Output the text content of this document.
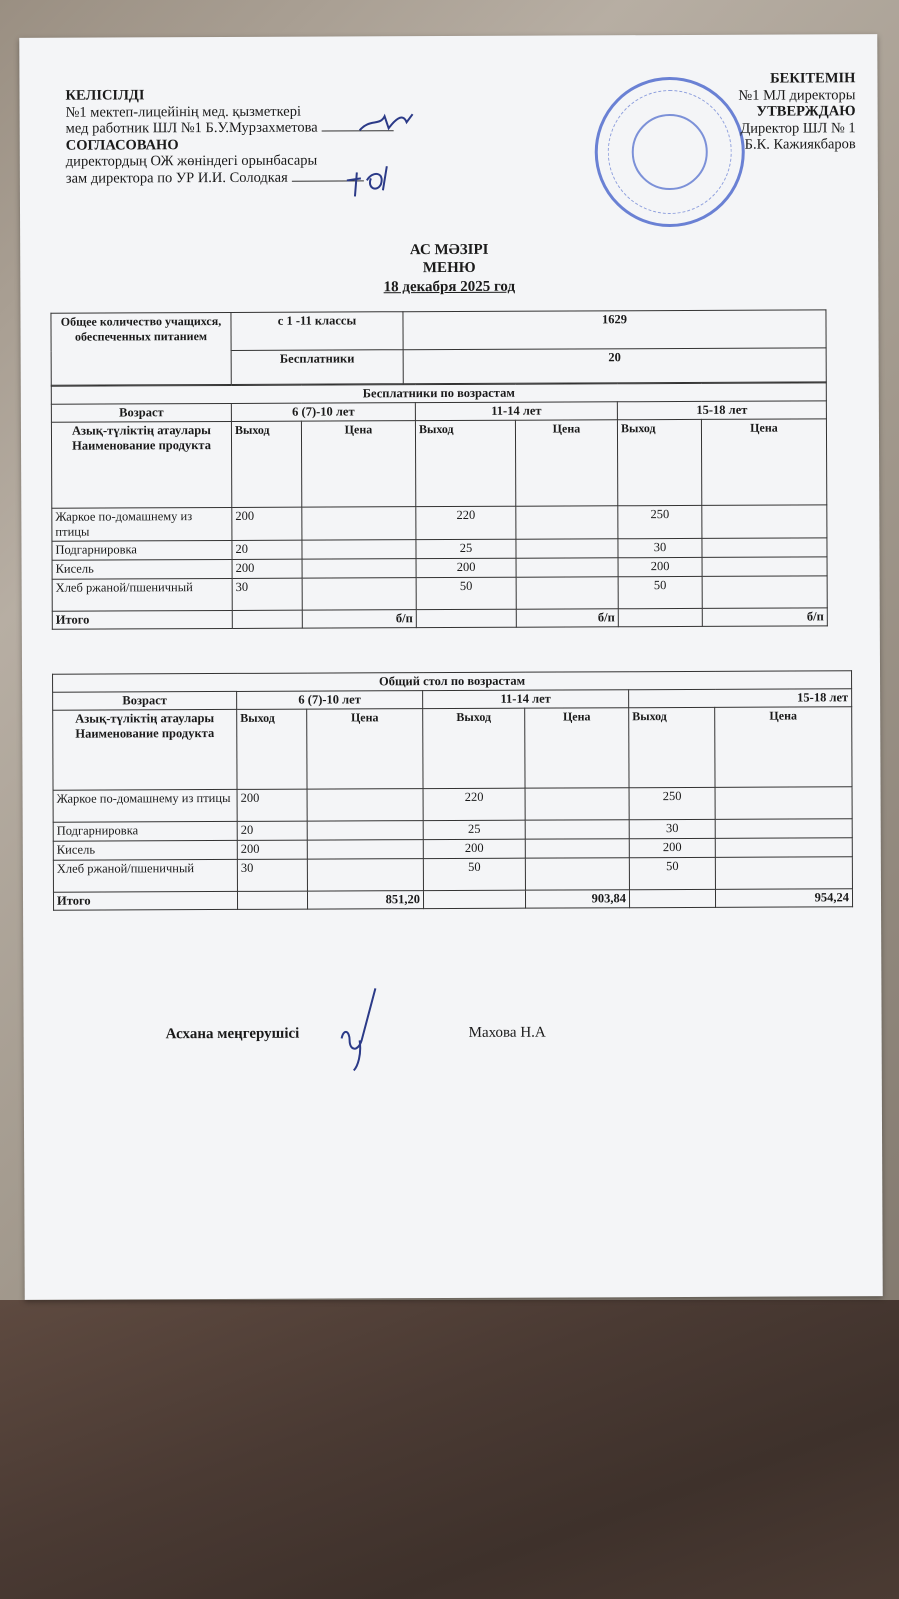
КЕЛІСІЛДІ
№1 мектеп-лицейінің мед. қызметкері
мед работник ШЛ №1 Б.У.Мурзахметова
СОГЛАСОВАНО
директордың ОЖ жөніндегі орынбасары
зам директора по УР И.И. Солодкая
БЕКІТЕМІН
№1 МЛ директоры
УТВЕРЖДАЮ
Директор ШЛ № 1
Б.К. Кажиякбаров
АС МӘЗІРІ
МЕНЮ
18 декабря 2025 год
Общее количество учащихся, обеспеченных питанием	с 1 -11 классы	1629
	Бесплатники	20
Бесплатники по возрастам						
Возраст	6 (7)-10 лет		11-14 лет		15-18 лет	
Азық-түліктің атаулары Наименование продукта	Выход	Цена	Выход	Цена	Выход	Цена
Жаркое по-домашнему из птицы	200		220		250	
Подгарнировка	20		25		30	
Кисель	200		200		200	
Хлеб ржаной/пшеничный	30		50		50	
Итого		б/п		б/п		б/п
Общий стол по возрастам						
Возраст	6 (7)-10 лет		11-14 лет		15-18 лет	
Азық-түліктің атаулары Наименование продукта	Выход	Цена	Выход	Цена	Выход	Цена
Жаркое по-домашнему из птицы	200		220		250	
Подгарнировка	20		25		30	
Кисель	200		200		200	
Хлеб ржаной/пшеничный	30		50		50	
Итого		851,20		903,84		954,24
Асхана меңгерушісі	Махова Н.А
